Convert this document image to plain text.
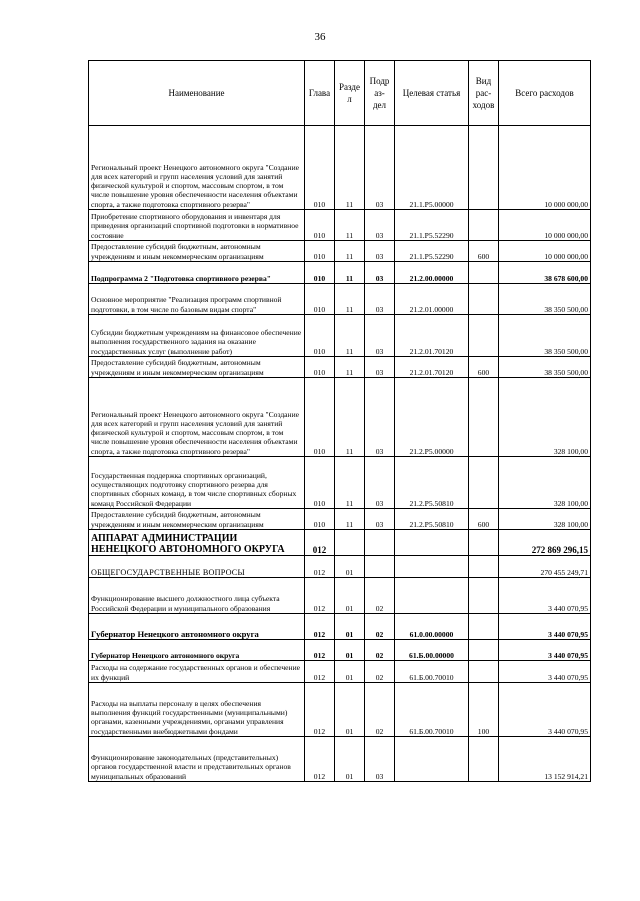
36
Наименование	Глава	Разде л	Подр аз- дел	Целевая статья	Вид рас- ходов	Всего расходов
Региональный проект Ненецкого автономного округа "Создание для всех категорий и групп населения условий для занятий физической культурой и спортом, массовым спортом, в том числе повышение уровня обеспеченности населения объектами спорта, а также подготовка спортивного резерва"	010	11	03	21.1.P5.00000		10 000 000,00
Приобретение спортивного оборудования и инвентаря для приведения организаций спортивной подготовки в нормативное состояние	010	11	03	21.1.P5.52290		10 000 000,00
Предоставление субсидий бюджетным, автономным учреждениям и иным некоммерческим организациям	010	11	03	21.1.P5.52290	600	10 000 000,00
Подпрограмма 2 "Подготовка спортивного резерва"	010	11	03	21.2.00.00000		38 678 600,00
Основное мероприятие "Реализация программ спортивной подготовки, в том числе по базовым видам спорта"	010	11	03	21.2.01.00000		38 350 500,00
Субсидии бюджетным учреждениям на финансовое обеспечение выполнения государственного задания на оказание государственных услуг (выполнение работ)	010	11	03	21.2.01.70120		38 350 500,00
Предоставление субсидий бюджетным, автономным учреждениям и иным некоммерческим организациям	010	11	03	21.2.01.70120	600	38 350 500,00
Региональный проект Ненецкого автономного округа "Создание для всех категорий и групп населения условий для занятий физической культурой и спортом, массовым спортом, в том числе повышение уровня обеспеченности населения объектами спорта, а также подготовка спортивного резерва"	010	11	03	21.2.P5.00000		328 100,00
Государственная поддержка спортивных организаций, осуществляющих подготовку спортивного резерва для спортивных сборных команд, в том числе спортивных сборных команд Российской Федерации	010	11	03	21.2.P5.50810		328 100,00
Предоставление субсидий бюджетным, автономным учреждениям и иным некоммерческим организациям	010	11	03	21.2.P5.50810	600	328 100,00
АППАРАТ АДМИНИСТРАЦИИ НЕНЕЦКОГО АВТОНОМНОГО ОКРУГА	012					272 869 296,15
ОБЩЕГОСУДАРСТВЕННЫЕ ВОПРОСЫ	012	01				270 455 249,71
Функционирование высшего должностного лица субъекта Российской Федерации и муниципального образования	012	01	02			3 440 070,95
Губернатор Ненецкого автономного округа	012	01	02	61.0.00.00000		3 440 070,95
Губернатор Ненецкого автономного округа	012	01	02	61.Б.00.00000		3 440 070,95
Расходы на содержание государственных органов и обеспечение их функций	012	01	02	61.Б.00.70010		3 440 070,95
Расходы на выплаты персоналу в целях обеспечения выполнения функций государственными (муниципальными) органами, казенными учреждениями, органами управления государственными внебюджетными фондами	012	01	02	61.Б.00.70010	100	3 440 070,95
Функционирование законодательных (представительных) органов государственной власти и представительных органов муниципальных образований	012	01	03			13 152 914,21
